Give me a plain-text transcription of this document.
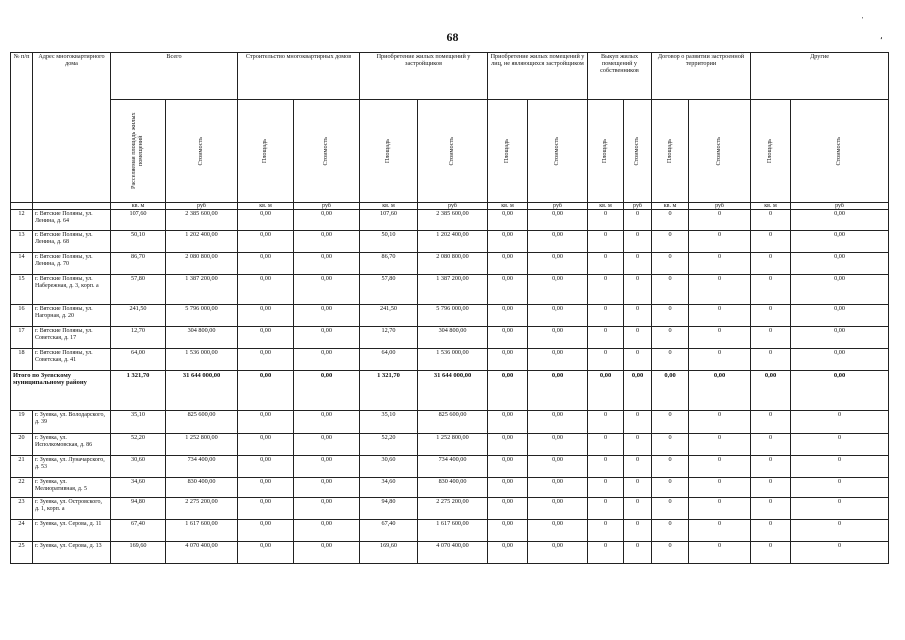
68
'
⸲
№ п/п	Адрес многоквартирного дома	Всего		Строительство многоквартирных домов		Приобретение жилых помещений у застройщиков		Приобретение жилых помещений у лиц, не являющихся застройщиком		Выкуп жилых помещений у собственников		Договор о развитии застроенной территории		Другие	

		Расселяемая площадь жилых помещений	Стоимость	Площадь	Стоимость	Площадь	Стоимость	Площадь	Стоимость	Площадь	Стоимость	Площадь	Стоимость	Площадь	Стоимость

		кв. м	руб	кв. м	руб	кв. м	руб	кв. м	руб	кв. м	руб	кв. м	руб	кв. м	руб
12	г. Вятские Поляны, ул. Ленина, д. 64	107,60	2 385 600,00	0,00	0,00	107,60	2 385 600,00	0,00	0,00	0	0	0	0	0	0,00
13	г. Вятские Поляны, ул. Ленина, д. 68	50,10	1 202 400,00	0,00	0,00	50,10	1 202 400,00	0,00	0,00	0	0	0	0	0	0,00
14	г. Вятские Поляны, ул. Ленина, д. 70	86,70	2 080 800,00	0,00	0,00	86,70	2 080 800,00	0,00	0,00	0	0	0	0	0	0,00
15	г. Вятские Поляны, ул. Набережная, д. 3, корп. а	57,80	1 387 200,00	0,00	0,00	57,80	1 387 200,00	0,00	0,00	0	0	0	0	0	0,00
16	г. Вятские Поляны, ул. Нагорная, д. 20	241,50	5 796 000,00	0,00	0,00	241,50	5 796 000,00	0,00	0,00	0	0	0	0	0	0,00
17	г. Вятские Поляны, ул. Советская, д. 17	12,70	304 800,00	0,00	0,00	12,70	304 800,00	0,00	0,00	0	0	0	0	0	0,00
18	г. Вятские Поляны, ул. Советская, д. 41	64,00	1 536 000,00	0,00	0,00	64,00	1 536 000,00	0,00	0,00	0	0	0	0	0	0,00
Итого по Зуевскому муниципальному району		1 321,70	31 644 000,00	0,00	0,00	1 321,70	31 644 000,00	0,00	0,00	0,00	0,00	0,00	0,00	0,00	0,00
19	г. Зуевка, ул. Володарского, д. 39	35,10	825 600,00	0,00	0,00	35,10	825 600,00	0,00	0,00	0	0	0	0	0	0
20	г. Зуевка, ул. Исполкомовская, д. 86	52,20	1 252 800,00	0,00	0,00	52,20	1 252 800,00	0,00	0,00	0	0	0	0	0	0
21	г. Зуевка, ул. Луначарского, д. 53	30,60	734 400,00	0,00	0,00	30,60	734 400,00	0,00	0,00	0	0	0	0	0	0
22	г. Зуевка, ул. Мелиоративная, д. 5	34,60	830 400,00	0,00	0,00	34,60	830 400,00	0,00	0,00	0	0	0	0	0	0
23	г. Зуевка, ул. Островского, д. 1, корп. а	94,80	2 275 200,00	0,00	0,00	94,80	2 275 200,00	0,00	0,00	0	0	0	0	0	0
24	г. Зуевка, ул. Серова, д. 11	67,40	1 617 600,00	0,00	0,00	67,40	1 617 600,00	0,00	0,00	0	0	0	0	0	0
25	г. Зуевка, ул. Серова, д. 13	169,60	4 070 400,00	0,00	0,00	169,60	4 070 400,00	0,00	0,00	0	0	0	0	0	0
